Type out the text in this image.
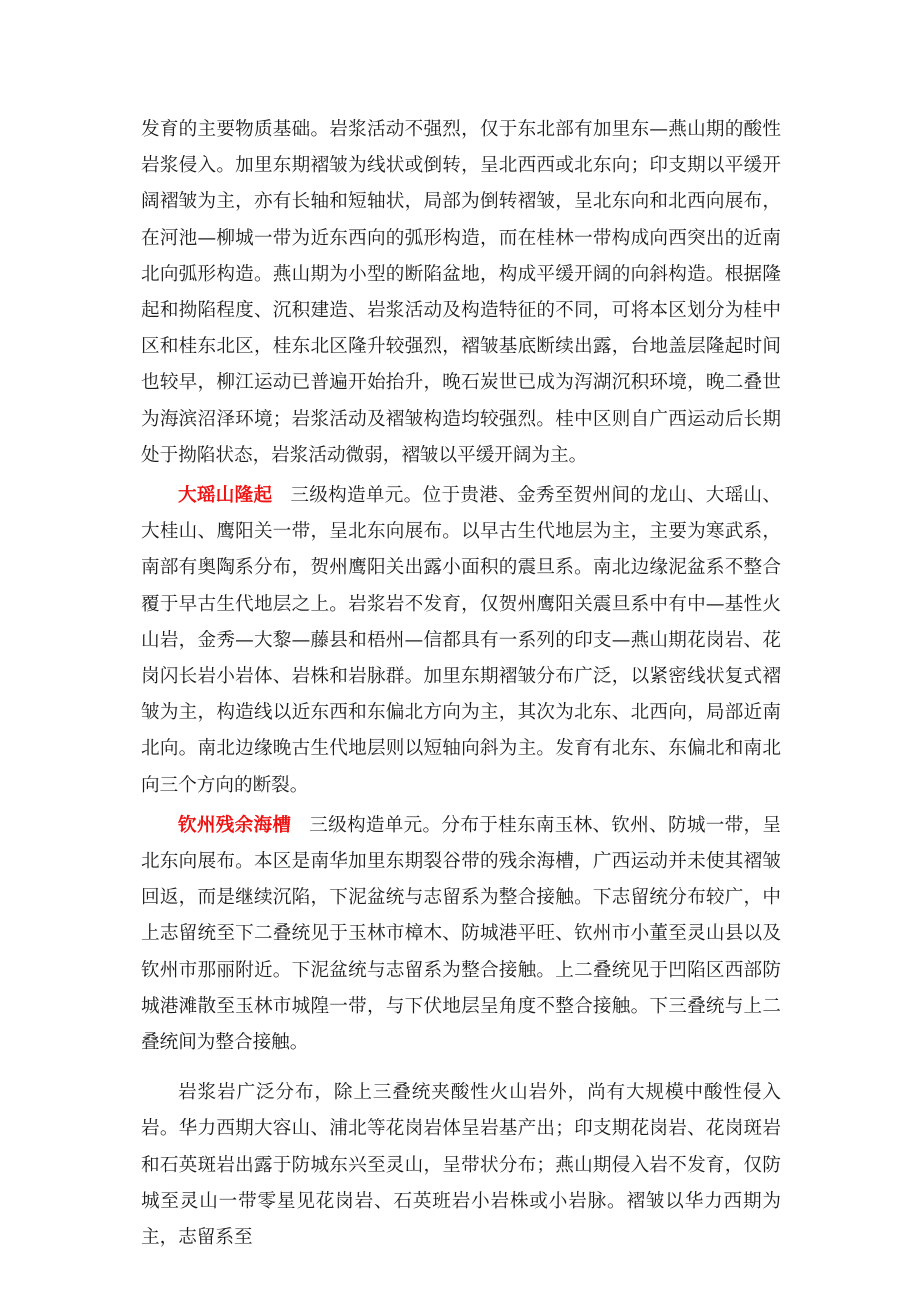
发育的主要物质基础。岩浆活动不强烈，仅于东北部有加里东—燕山期的酸性岩浆侵入。加里东期褶皱为线状或倒转，呈北西西或北东向；印支期以平缓开阔褶皱为主，亦有长轴和短轴状，局部为倒转褶皱，呈北东向和北西向展布，在河池—柳城一带为近东西向的弧形构造，而在桂林一带构成向西突出的近南北向弧形构造。燕山期为小型的断陷盆地，构成平缓开阔的向斜构造。根据隆起和拗陷程度、沉积建造、岩浆活动及构造特征的不同，可将本区划分为桂中区和桂东北区，桂东北区隆升较强烈，褶皱基底断续出露，台地盖层隆起时间也较早，柳江运动已普遍开始抬升，晚石炭世已成为泻湖沉积环境，晚二叠世为海滨沼泽环境；岩浆活动及褶皱构造均较强烈。桂中区则自广西运动后长期处于拗陷状态，岩浆活动微弱，褶皱以平缓开阔为主。

大瑶山隆起 三级构造单元。位于贵港、金秀至贺州间的龙山、大瑶山、大桂山、鹰阳关一带，呈北东向展布。以早古生代地层为主，主要为寒武系，南部有奥陶系分布，贺州鹰阳关出露小面积的震旦系。南北边缘泥盆系不整合覆于早古生代地层之上。岩浆岩不发育，仅贺州鹰阳关震旦系中有中—基性火山岩，金秀—大黎—藤县和梧州—信都具有一系列的印支—燕山期花岗岩、花岗闪长岩小岩体、岩株和岩脉群。加里东期褶皱分布广泛，以紧密线状复式褶皱为主，构造线以近东西和东偏北方向为主，其次为北东、北西向，局部近南北向。南北边缘晚古生代地层则以短轴向斜为主。发育有北东、东偏北和南北向三个方向的断裂。

钦州残余海槽 三级构造单元。分布于桂东南玉林、钦州、防城一带，呈北东向展布。本区是南华加里东期裂谷带的残余海槽，广西运动并未使其褶皱回返，而是继续沉陷，下泥盆统与志留系为整合接触。下志留统分布较广，中上志留统至下二叠统见于玉林市樟木、防城港平旺、钦州市小董至灵山县以及钦州市那丽附近。下泥盆统与志留系为整合接触。上二叠统见于凹陷区西部防城港滩散至玉林市城隍一带，与下伏地层呈角度不整合接触。下三叠统与上二叠统间为整合接触。

岩浆岩广泛分布，除上三叠统夹酸性火山岩外，尚有大规模中酸性侵入岩。华力西期大容山、浦北等花岗岩体呈岩基产出；印支期花岗岩、花岗斑岩和石英斑岩出露于防城东兴至灵山，呈带状分布；燕山期侵入岩不发育，仅防城至灵山一带零星见花岗岩、石英班岩小岩株或小岩脉。褶皱以华力西期为主，志留系至
